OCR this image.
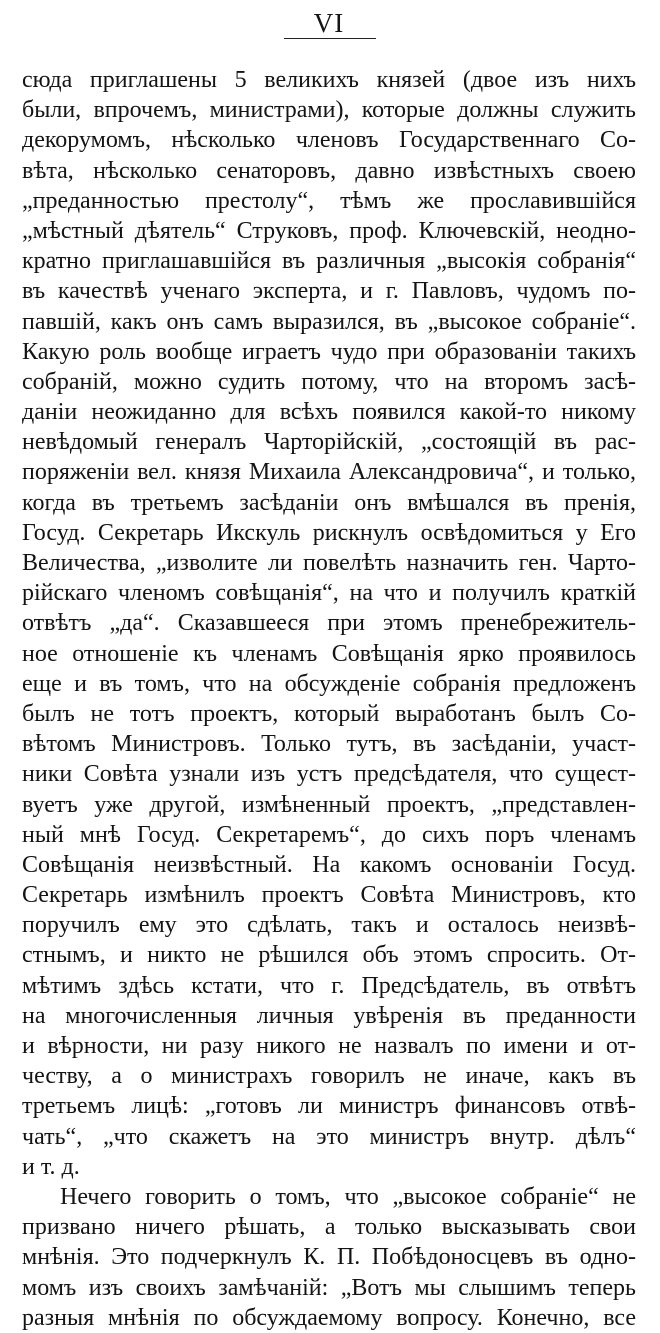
VI
сюда приглашены 5 великихъ князей (двое изъ нихъ
были, впрочемъ, министрами), которые должны служить
декорумомъ, нѣсколько членовъ Государственнаго Со-
вѣта, нѣсколько сенаторовъ, давно извѣстныхъ своею
„преданностью престолу“, тѣмъ же прославившійся
„мѣстный дѣятель“ Струковъ, проф. Ключевскій, неодно-
кратно приглашавшійся въ различныя „высокія собранія“
въ качествѣ ученаго эксперта, и г. Павловъ, чудомъ по-
павшій, какъ онъ самъ выразился, въ „высокое собраніе“.
Какую роль вообще играетъ чудо при образованіи такихъ
собраній, можно судить потому, что на второмъ засѣ-
даніи неожиданно для всѣхъ появился какой-то никому
невѣдомый генералъ Чарторійскій, „состоящій въ рас-
поряженіи вел. князя Михаила Александровича“, и только,
когда въ третьемъ засѣданіи онъ вмѣшался въ пренія,
Госуд. Секретарь Икскуль рискнулъ освѣдомиться у Его
Величества, „изволите ли повелѣть назначить ген. Чарто-
рійскаго членомъ совѣщанія“, на что и получилъ краткій
отвѣтъ „да“. Сказавшееся при этомъ пренебрежитель-
ное отношеніе къ членамъ Совѣщанія ярко проявилось
еще и въ томъ, что на обсужденіе собранія предложенъ
былъ не тотъ проектъ, который выработанъ былъ Со-
вѣтомъ Министровъ. Только тутъ, въ засѣданіи, участ-
ники Совѣта узнали изъ устъ предсѣдателя, что сущест-
вуетъ уже другой, измѣненный проектъ, „представлен-
ный мнѣ Госуд. Секретаремъ“, до сихъ поръ членамъ
Совѣщанія неизвѣстный. На какомъ основаніи Госуд.
Секретарь измѣнилъ проектъ Совѣта Министровъ, кто
поручилъ ему это сдѣлать, такъ и осталось неизвѣ-
стнымъ, и никто не рѣшился объ этомъ спросить. От-
мѣтимъ здѣсь кстати, что г. Предсѣдатель, въ отвѣтъ
на многочисленныя личныя увѣренія въ преданности
и вѣрности, ни разу никого не назвалъ по имени и от-
честву, а о министрахъ говорилъ не иначе, какъ въ
третьемъ лицѣ: „готовъ ли министръ финансовъ отвѣ-
чать“, „что скажетъ на это министръ внутр. дѣлъ“
и т. д.
Нечего говорить о томъ, что „высокое собраніе“ не
призвано ничего рѣшать, а только высказывать свои
мнѣнія. Это подчеркнулъ К. П. Побѣдоносцевъ въ одно-
момъ изъ своихъ замѣчаній: „Вотъ мы слышимъ теперь
разныя мнѣнія по обсуждаемому вопросу. Конечно, все
